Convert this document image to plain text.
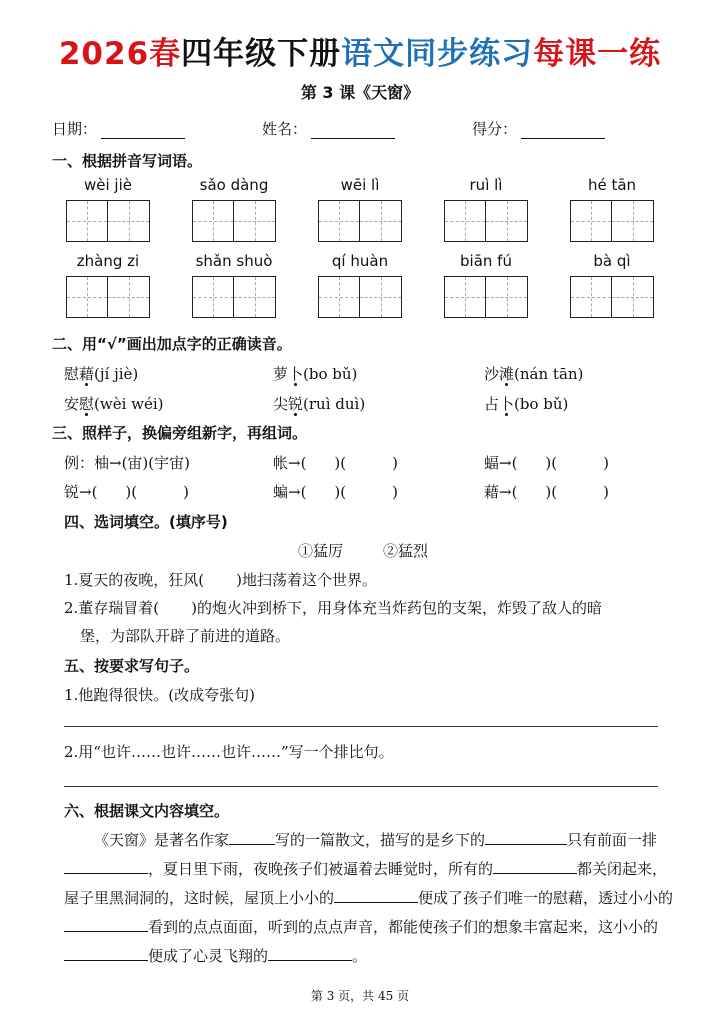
2026春四年级下册语文同步练习每课一练
第 3 课《天窗》
日期：	姓名：	得分：
一、根据拼音写词语。
wèi jiè	sǎo dàng	wēi lì	ruì lì	hé tān
zhàng zi	shǎn shuò	qí huàn	biān fú	bà qì
二、用“√”画出加点字的正确读音。
慰藉(jí jiè)	萝卜(bo bǔ)	沙滩(nán tān)
安慰(wèi wéi)	尖锐(ruì duì)	占卜(bo bǔ)
三、照样子，换偏旁组新字，再组词。
例：柚→(宙)(宇宙)	帐→( )(	)	蝠→( )(	)
锐→( )(	)	蝙→( )(	)	藉→( )(	)
四、选词填空。(填序号)
①猛厉	②猛烈
1.夏天的夜晚，狂风( )地扫荡着这个世界。
2.董存瑞冒着( )的炮火冲到桥下，用身体充当炸药包的支架，炸毁了敌人的暗
堡，为部队开辟了前进的道路。
五、按要求写句子。
1.他跑得很快。(改成夸张句)
2.用“也许……也许……也许……”写一个排比句。
六、根据课文内容填空。
《天窗》是著名作家	写的一篇散文，描写的是乡下的	只有前面一排，夏日里下雨，夜晚孩子们被逼着去睡觉时，所有的	都关闭起来，屋子里黑洞洞的，这时候，屋顶上小小的	便成了孩子们唯一的慰藉，透过小小的看到的点点面面，听到的点点声音，都能使孩子们的想象丰富起来，这小小的便成了心灵飞翔的	。
第 3 页，共 45 页
